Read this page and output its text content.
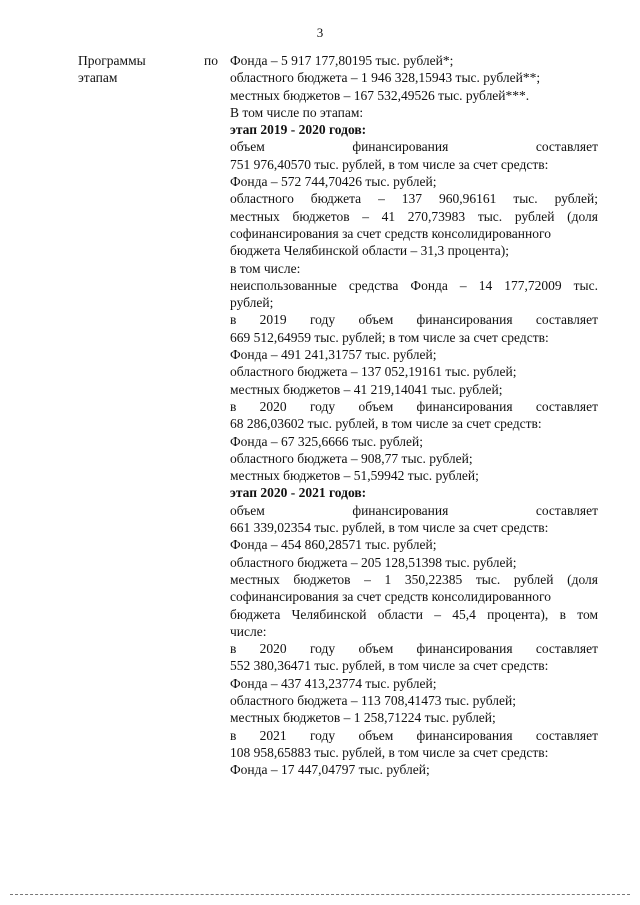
3
Программы	по
этапам
Фонда – 5 917 177,80195 тыс. рублей*;
областного бюджета – 1 946 328,15943 тыс. рублей**;
местных бюджетов – 167 532,49526 тыс. рублей***.
В том числе по этапам:
этап 2019 - 2020 годов:
объем финансирования составляет
751 976,40570 тыс. рублей, в том числе за счет средств:
Фонда – 572 744,70426 тыс. рублей;
областного бюджета – 137 960,96161 тыс. рублей;
местных бюджетов – 41 270,73983 тыс. рублей (доля
софинансирования за счет средств консолидированного
бюджета Челябинской области – 31,3 процента);
в том числе:
неиспользованные средства Фонда – 14 177,72009 тыс.
рублей;
в 2019 году объем финансирования составляет
669 512,64959 тыс. рублей; в том числе за счет средств:
Фонда – 491 241,31757 тыс. рублей;
областного бюджета – 137 052,19161 тыс. рублей;
местных бюджетов – 41 219,14041 тыс. рублей;
в 2020 году объем финансирования составляет
68 286,03602 тыс. рублей, в том числе за счет средств:
Фонда – 67 325,6666 тыс. рублей;
областного бюджета – 908,77 тыс. рублей;
местных бюджетов – 51,59942 тыс. рублей;
этап 2020 - 2021 годов:
объем финансирования составляет
661 339,02354 тыс. рублей, в том числе за счет средств:
Фонда – 454 860,28571 тыс. рублей;
областного бюджета – 205 128,51398 тыс. рублей;
местных бюджетов – 1 350,22385 тыс. рублей (доля
софинансирования за счет средств консолидированного
бюджета Челябинской области – 45,4 процента), в том
числе:
в 2020 году объем финансирования составляет
552 380,36471 тыс. рублей, в том числе за счет средств:
Фонда – 437 413,23774 тыс. рублей;
областного бюджета – 113 708,41473 тыс. рублей;
местных бюджетов – 1 258,71224 тыс. рублей;
в 2021 году объем финансирования составляет
108 958,65883 тыс. рублей, в том числе за счет средств:
Фонда – 17 447,04797 тыс. рублей;
